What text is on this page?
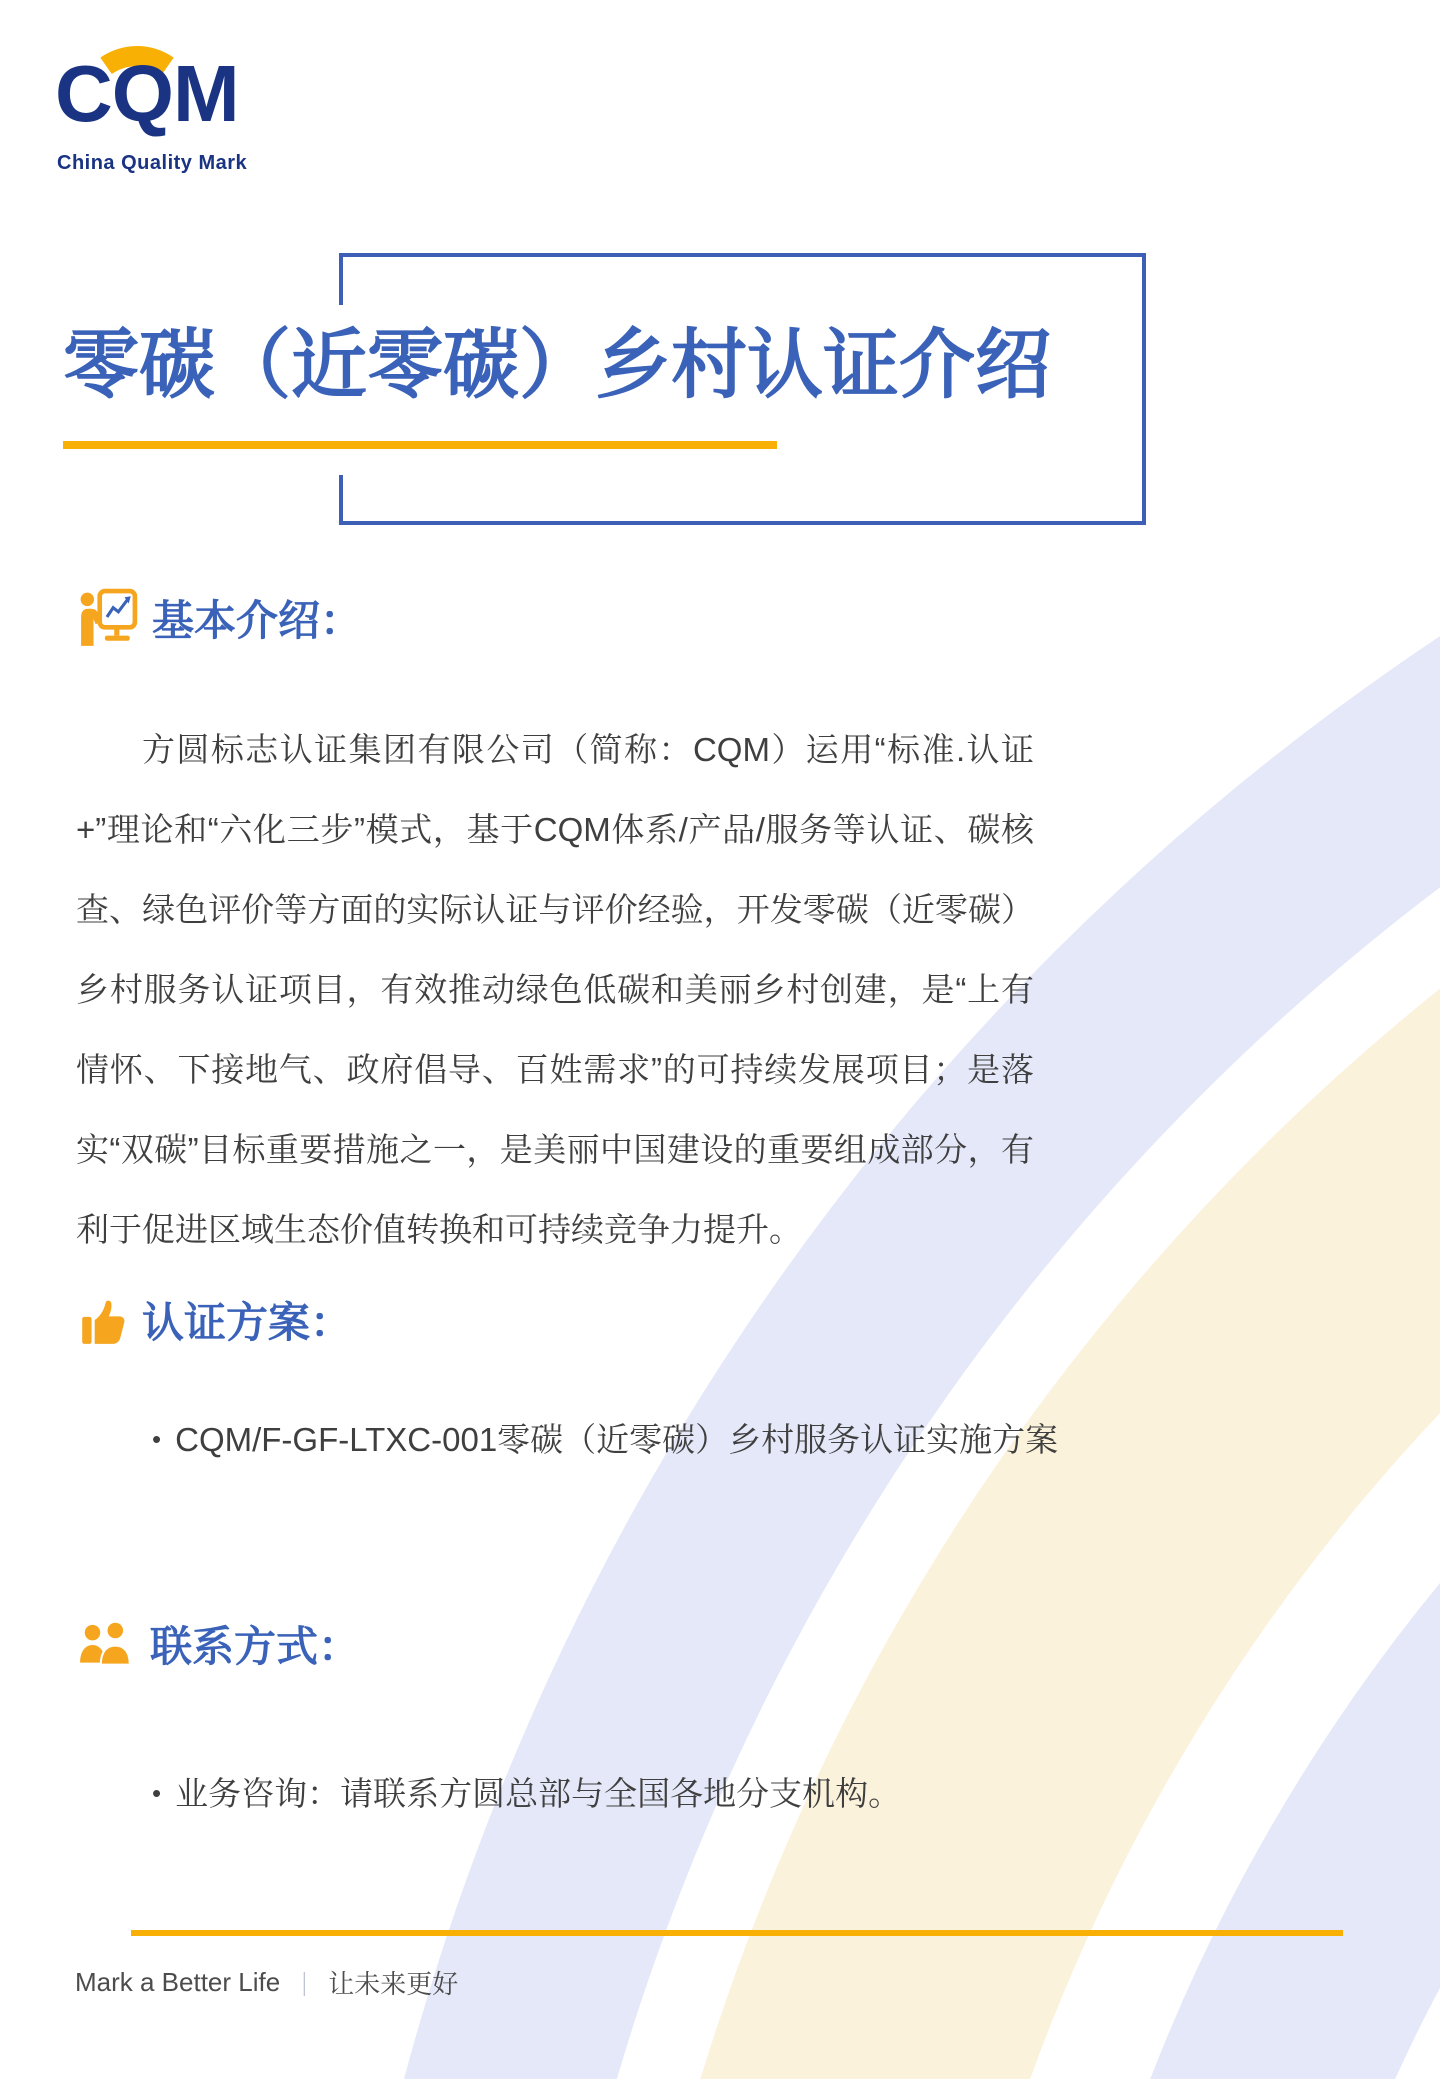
CQM
China Quality Mark
零碳（近零碳）乡村认证介绍
基本介绍：

方圆标志认证集团有限公司（简称：CQM）运用“标准.认证+”理论和“六化三步”模式，基于CQM体系/产品/服务等认证、碳核查、绿色评价等方面的实际认证与评价经验，开发零碳（近零碳）乡村服务认证项目，有效推动绿色低碳和美丽乡村创建，是“上有情怀、下接地气、政府倡导、百姓需求”的可持续发展项目；是落实“双碳”目标重要措施之一，是美丽中国建设的重要组成部分，有利于促进区域生态价值转换和可持续竞争力提升。

认证方案：
• CQM/F-GF-LTXC-001零碳（近零碳）乡村服务认证实施方案
联系方式：
• 业务咨询：请联系方圆总部与全国各地分支机构。
Mark a Better Life ｜ 让未来更好
